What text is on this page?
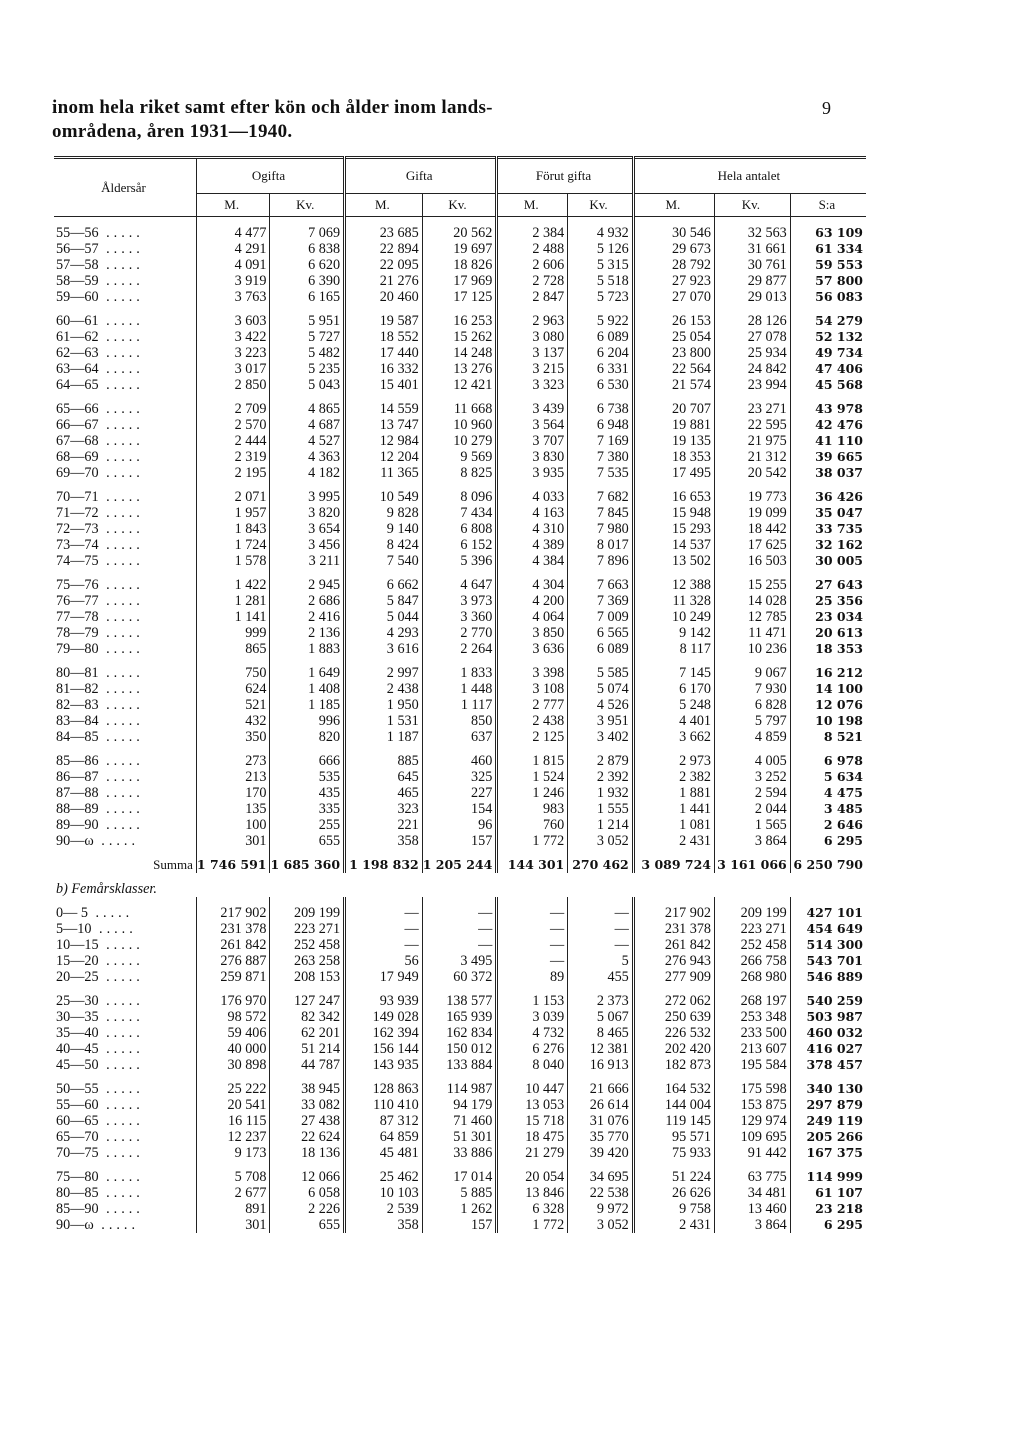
inom hela riket samt efter kön och ålder inom lands-
områdena, åren 1931—1940.
9
Åldersår	Ogifta		Gifta		Förut gifta		Hela antalet		
	M.	Kv.	M.	Kv.	M.	Kv.	M.	Kv.	S:a

55—56 .....	4 477	7 069	23 685	20 562	2 384	4 932	30 546	32 563	63 109
56—57 .....	4 291	6 838	22 894	19 697	2 488	5 126	29 673	31 661	61 334
57—58 .....	4 091	6 620	22 095	18 826	2 606	5 315	28 792	30 761	59 553
58—59 .....	3 919	6 390	21 276	17 969	2 728	5 518	27 923	29 877	57 800
59—60 .....	3 763	6 165	20 460	17 125	2 847	5 723	27 070	29 013	56 083

60—61 .....	3 603	5 951	19 587	16 253	2 963	5 922	26 153	28 126	54 279
61—62 .....	3 422	5 727	18 552	15 262	3 080	6 089	25 054	27 078	52 132
62—63 .....	3 223	5 482	17 440	14 248	3 137	6 204	23 800	25 934	49 734
63—64 .....	3 017	5 235	16 332	13 276	3 215	6 331	22 564	24 842	47 406
64—65 .....	2 850	5 043	15 401	12 421	3 323	6 530	21 574	23 994	45 568

65—66 .....	2 709	4 865	14 559	11 668	3 439	6 738	20 707	23 271	43 978
66—67 .....	2 570	4 687	13 747	10 960	3 564	6 948	19 881	22 595	42 476
67—68 .....	2 444	4 527	12 984	10 279	3 707	7 169	19 135	21 975	41 110
68—69 .....	2 319	4 363	12 204	9 569	3 830	7 380	18 353	21 312	39 665
69—70 .....	2 195	4 182	11 365	8 825	3 935	7 535	17 495	20 542	38 037

70—71 .....	2 071	3 995	10 549	8 096	4 033	7 682	16 653	19 773	36 426
71—72 .....	1 957	3 820	9 828	7 434	4 163	7 845	15 948	19 099	35 047
72—73 .....	1 843	3 654	9 140	6 808	4 310	7 980	15 293	18 442	33 735
73—74 .....	1 724	3 456	8 424	6 152	4 389	8 017	14 537	17 625	32 162
74—75 .....	1 578	3 211	7 540	5 396	4 384	7 896	13 502	16 503	30 005

75—76 .....	1 422	2 945	6 662	4 647	4 304	7 663	12 388	15 255	27 643
76—77 .....	1 281	2 686	5 847	3 973	4 200	7 369	11 328	14 028	25 356
77—78 .....	1 141	2 416	5 044	3 360	4 064	7 009	10 249	12 785	23 034
78—79 .....	999	2 136	4 293	2 770	3 850	6 565	9 142	11 471	20 613
79—80 .....	865	1 883	3 616	2 264	3 636	6 089	8 117	10 236	18 353

80—81 .....	750	1 649	2 997	1 833	3 398	5 585	7 145	9 067	16 212
81—82 .....	624	1 408	2 438	1 448	3 108	5 074	6 170	7 930	14 100
82—83 .....	521	1 185	1 950	1 117	2 777	4 526	5 248	6 828	12 076
83—84 .....	432	996	1 531	850	2 438	3 951	4 401	5 797	10 198
84—85 .....	350	820	1 187	637	2 125	3 402	3 662	4 859	8 521

85—86 .....	273	666	885	460	1 815	2 879	2 973	4 005	6 978
86—87 .....	213	535	645	325	1 524	2 392	2 382	3 252	5 634
87—88 .....	170	435	465	227	1 246	1 932	1 881	2 594	4 475
88—89 .....	135	335	323	154	983	1 555	1 441	2 044	3 485
89—90 .....	100	255	221	96	760	1 214	1 081	1 565	2 646
90—ω .....	301	655	358	157	1 772	3 052	2 431	3 864	6 295

Summa	1 746 591	1 685 360	1 198 832	1 205 244	144 301	270 462	3 089 724	3 161 066	6 250 790
b) Femårsklasser.									

0— 5 .....	217 902	209 199	—	—	—	—	217 902	209 199	427 101
5—10 .....	231 378	223 271	—	—	—	—	231 378	223 271	454 649
10—15 .....	261 842	252 458	—	—	—	—	261 842	252 458	514 300
15—20 .....	276 887	263 258	56	3 495	—	5	276 943	266 758	543 701
20—25 .....	259 871	208 153	17 949	60 372	89	455	277 909	268 980	546 889

25—30 .....	176 970	127 247	93 939	138 577	1 153	2 373	272 062	268 197	540 259
30—35 .....	98 572	82 342	149 028	165 939	3 039	5 067	250 639	253 348	503 987
35—40 .....	59 406	62 201	162 394	162 834	4 732	8 465	226 532	233 500	460 032
40—45 .....	40 000	51 214	156 144	150 012	6 276	12 381	202 420	213 607	416 027
45—50 .....	30 898	44 787	143 935	133 884	8 040	16 913	182 873	195 584	378 457

50—55 .....	25 222	38 945	128 863	114 987	10 447	21 666	164 532	175 598	340 130
55—60 .....	20 541	33 082	110 410	94 179	13 053	26 614	144 004	153 875	297 879
60—65 .....	16 115	27 438	87 312	71 460	15 718	31 076	119 145	129 974	249 119
65—70 .....	12 237	22 624	64 859	51 301	18 475	35 770	95 571	109 695	205 266
70—75 .....	9 173	18 136	45 481	33 886	21 279	39 420	75 933	91 442	167 375

75—80 .....	5 708	12 066	25 462	17 014	20 054	34 695	51 224	63 775	114 999
80—85 .....	2 677	6 058	10 103	5 885	13 846	22 538	26 626	34 481	61 107
85—90 .....	891	2 226	2 539	1 262	6 328	9 972	9 758	13 460	23 218
90—ω .....	301	655	358	157	1 772	3 052	2 431	3 864	6 295
